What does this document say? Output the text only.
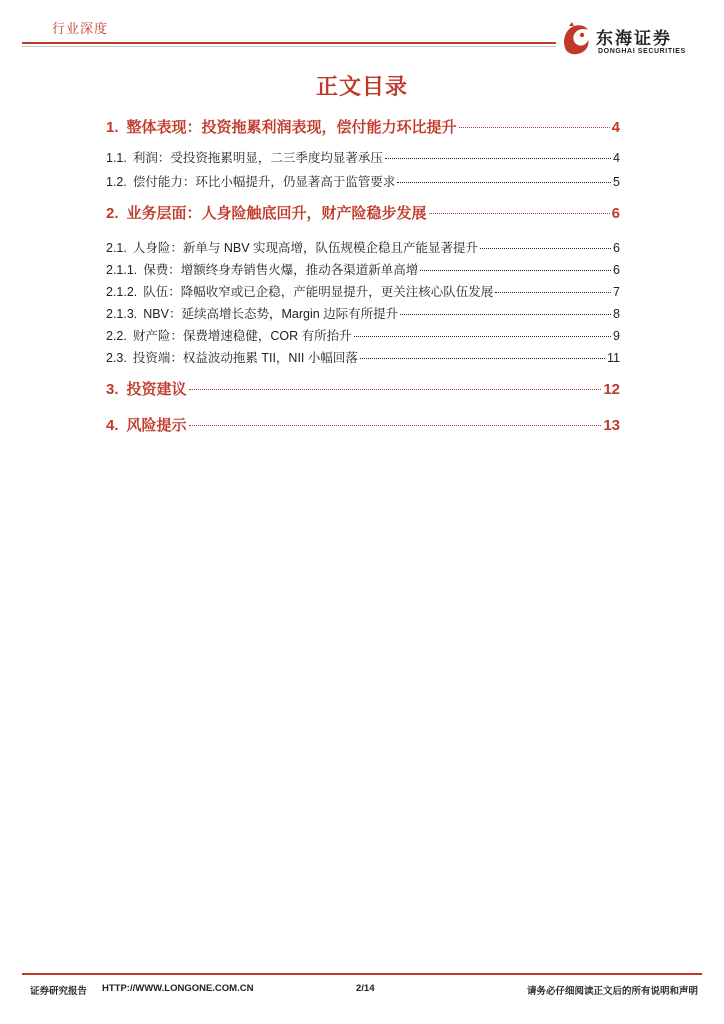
行业深度
东海证券
DONGHAI SECURITIES
正文目录
1. 整体表现：投资拖累利润表现，偿付能力环比提升	4
1.1. 利润：受投资拖累明显，二三季度均显著承压	4
1.2. 偿付能力：环比小幅提升，仍显著高于监管要求	5
2. 业务层面：人身险触底回升，财产险稳步发展	6
2.1. 人身险：新单与 NBV 实现高增，队伍规模企稳且产能显著提升	6
2.1.1. 保费：增额终身寿销售火爆，推动各渠道新单高增	6
2.1.2. 队伍：降幅收窄或已企稳，产能明显提升，更关注核心队伍发展	7
2.1.3. NBV：延续高增长态势，Margin 边际有所提升	8
2.2. 财产险：保费增速稳健，COR 有所抬升	9
2.3. 投资端：权益波动拖累 TII，NII 小幅回落	11
3. 投资建议	12
4. 风险提示	13
证券研究报告 HTTP://WWW.LONGONE.COM.CN	2/14	请务必仔细阅读正文后的所有说明和声明
